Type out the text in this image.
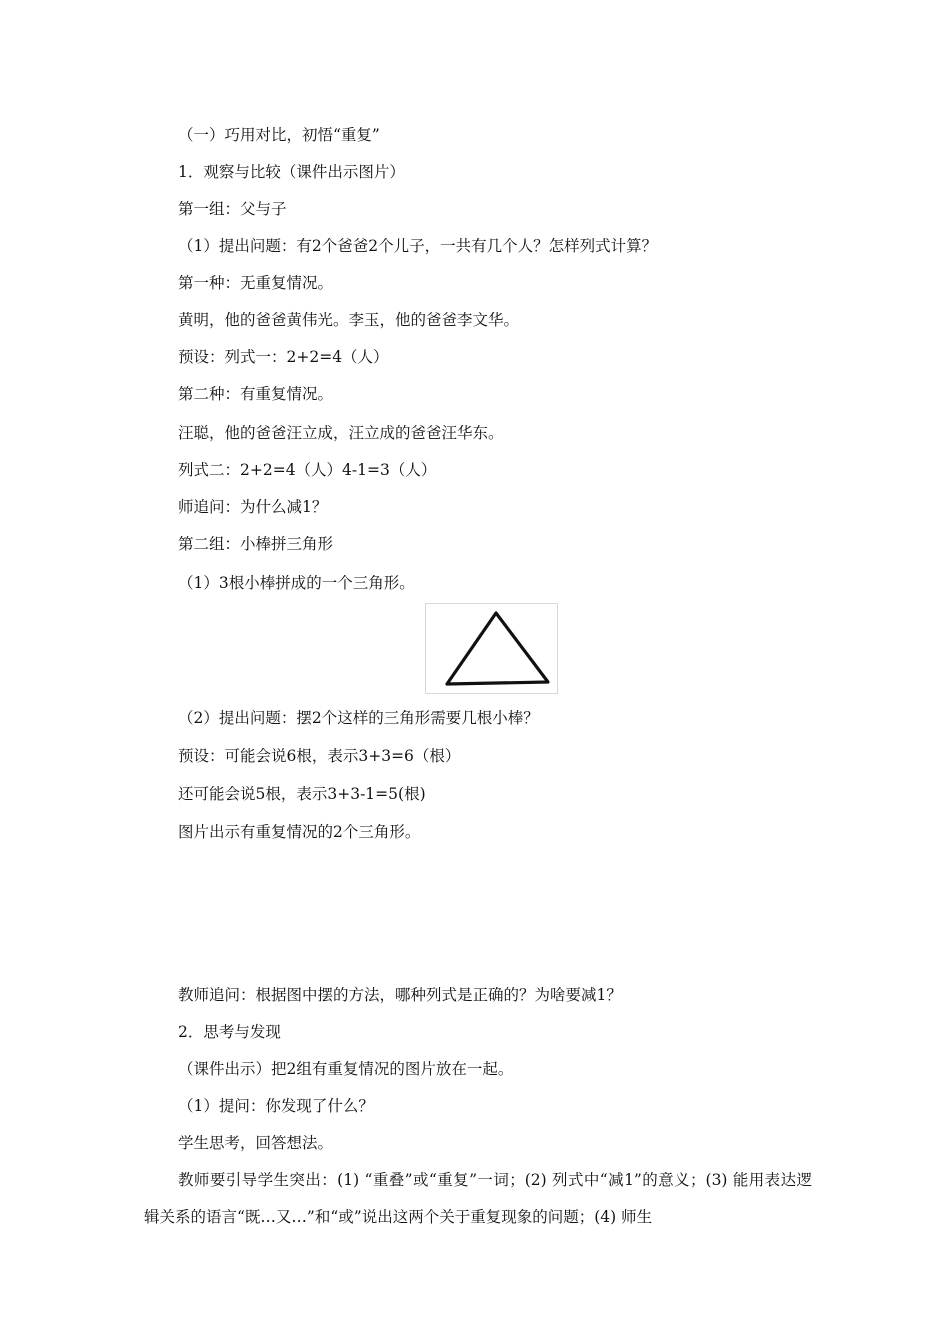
（一）巧用对比，初悟“重复”
1．观察与比较（课件出示图片）
第一组：父与子
（1）提出问题：有2个爸爸2个儿子，一共有几个人？怎样列式计算？
第一种：无重复情况。
黄明，他的爸爸黄伟光。李玉，他的爸爸李文华。
预设：列式一：2+2=4（人）
第二种：有重复情况。
汪聪，他的爸爸汪立成，汪立成的爸爸汪华东。
列式二：2+2=4（人）4-1=3（人）
师追问：为什么减1？
第二组：小棒拼三角形
（1）3根小棒拼成的一个三角形。
（2）提出问题：摆2个这样的三角形需要几根小棒？
预设：可能会说6根，表示3+3=6（根）
还可能会说5根，表示3+3-1=5(根)
图片出示有重复情况的2个三角形。
教师追问：根据图中摆的方法，哪种列式是正确的？为啥要减1？
2．思考与发现
（课件出示）把2组有重复情况的图片放在一起。
（1）提问：你发现了什么？
学生思考，回答想法。
教师要引导学生突出：(1) “重叠”或“重复”一词；(2) 列式中“减1”的意义；(3) 能用表达逻辑关系的语言“既…又…”和“或”说出这两个关于重复现象的问题；(4) 师生
